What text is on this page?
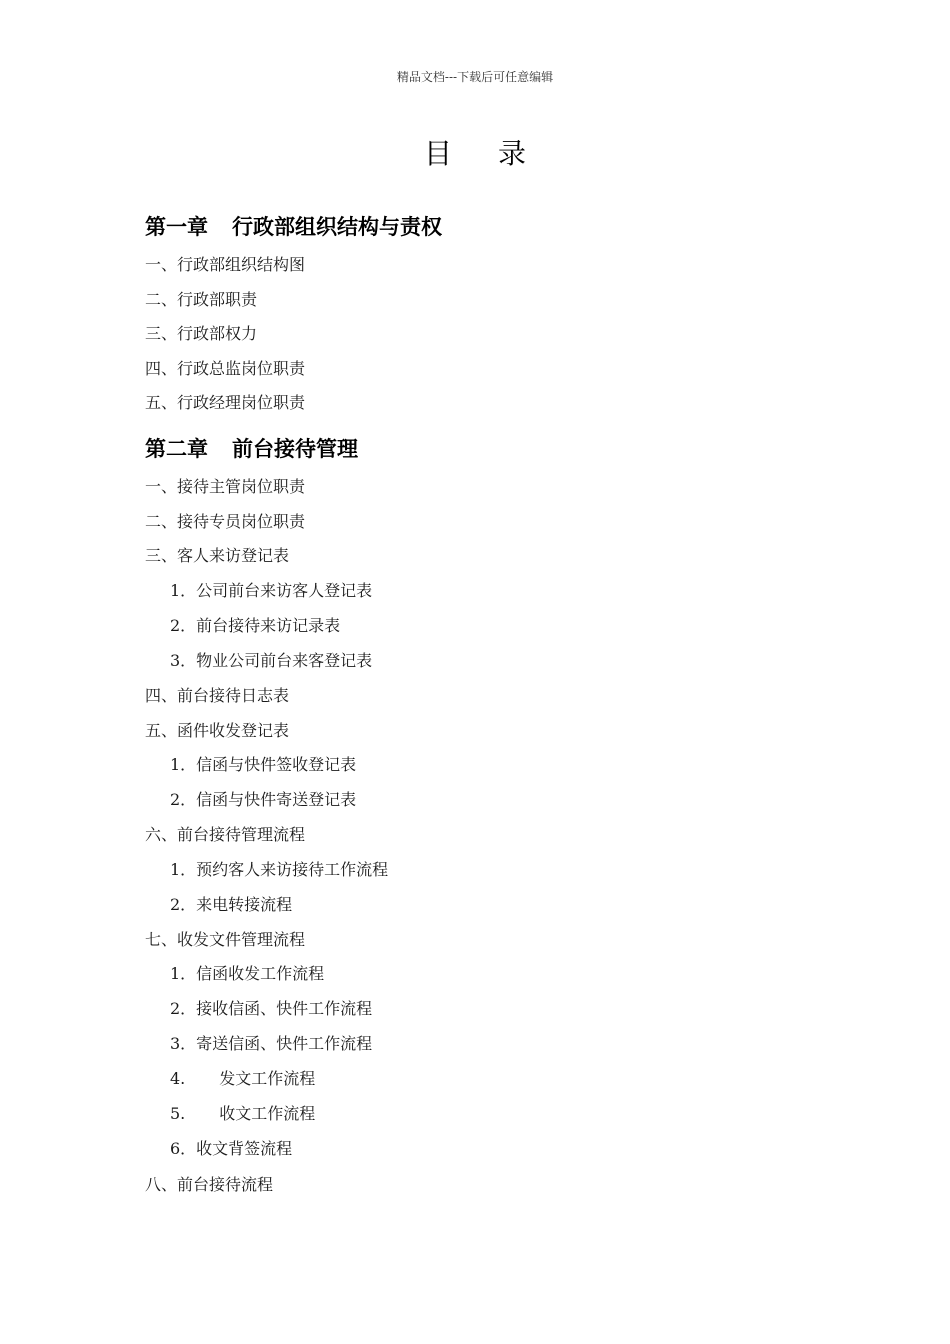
精品文档---下载后可任意编辑
目录
第一章 行政部组织结构与责权
一、行政部组织结构图
二、行政部职责
三、行政部权力
四、行政总监岗位职责
五、行政经理岗位职责
第二章 前台接待管理
一、接待主管岗位职责
二、接待专员岗位职责
三、客人来访登记表
1．公司前台来访客人登记表
2．前台接待来访记录表
3．物业公司前台来客登记表
四、前台接待日志表
五、函件收发登记表
1．信函与快件签收登记表
2．信函与快件寄送登记表
六、前台接待管理流程
1．预约客人来访接待工作流程
2．来电转接流程
七、收发文件管理流程
1．信函收发工作流程
2．接收信函、快件工作流程
3．寄送信函、快件工作流程
4. 发文工作流程
5. 收文工作流程
6．收文背签流程
八、前台接待流程
